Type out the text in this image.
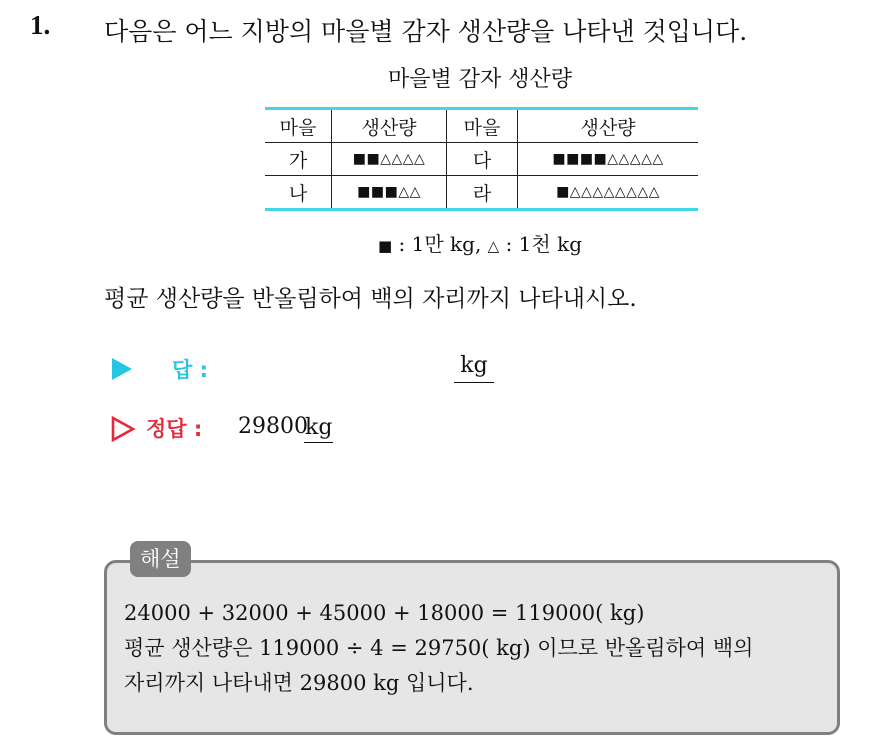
1. 다음은 어느 지방의 마을별 감자 생산량을 나타낸 것입니다.
마을별 감자 생산량
마을	생산량	마을	생산량
가	■■△△△△	다	■■■■△△△△△
나	■■■△△	라	■△△△△△△△△
■ : 1만 kg, △ : 1천 kg
평균 생산량을 반올림하여 백의 자리까지 나타내시오.
답 :	kg
정답 : 29800
kg
해설
24000 + 32000 + 45000 + 18000 = 119000( kg)
평균 생산량은 119000 ÷ 4 = 29750( kg) 이므로 반올림하여 백의
자리까지 나타내면 29800 kg 입니다.
